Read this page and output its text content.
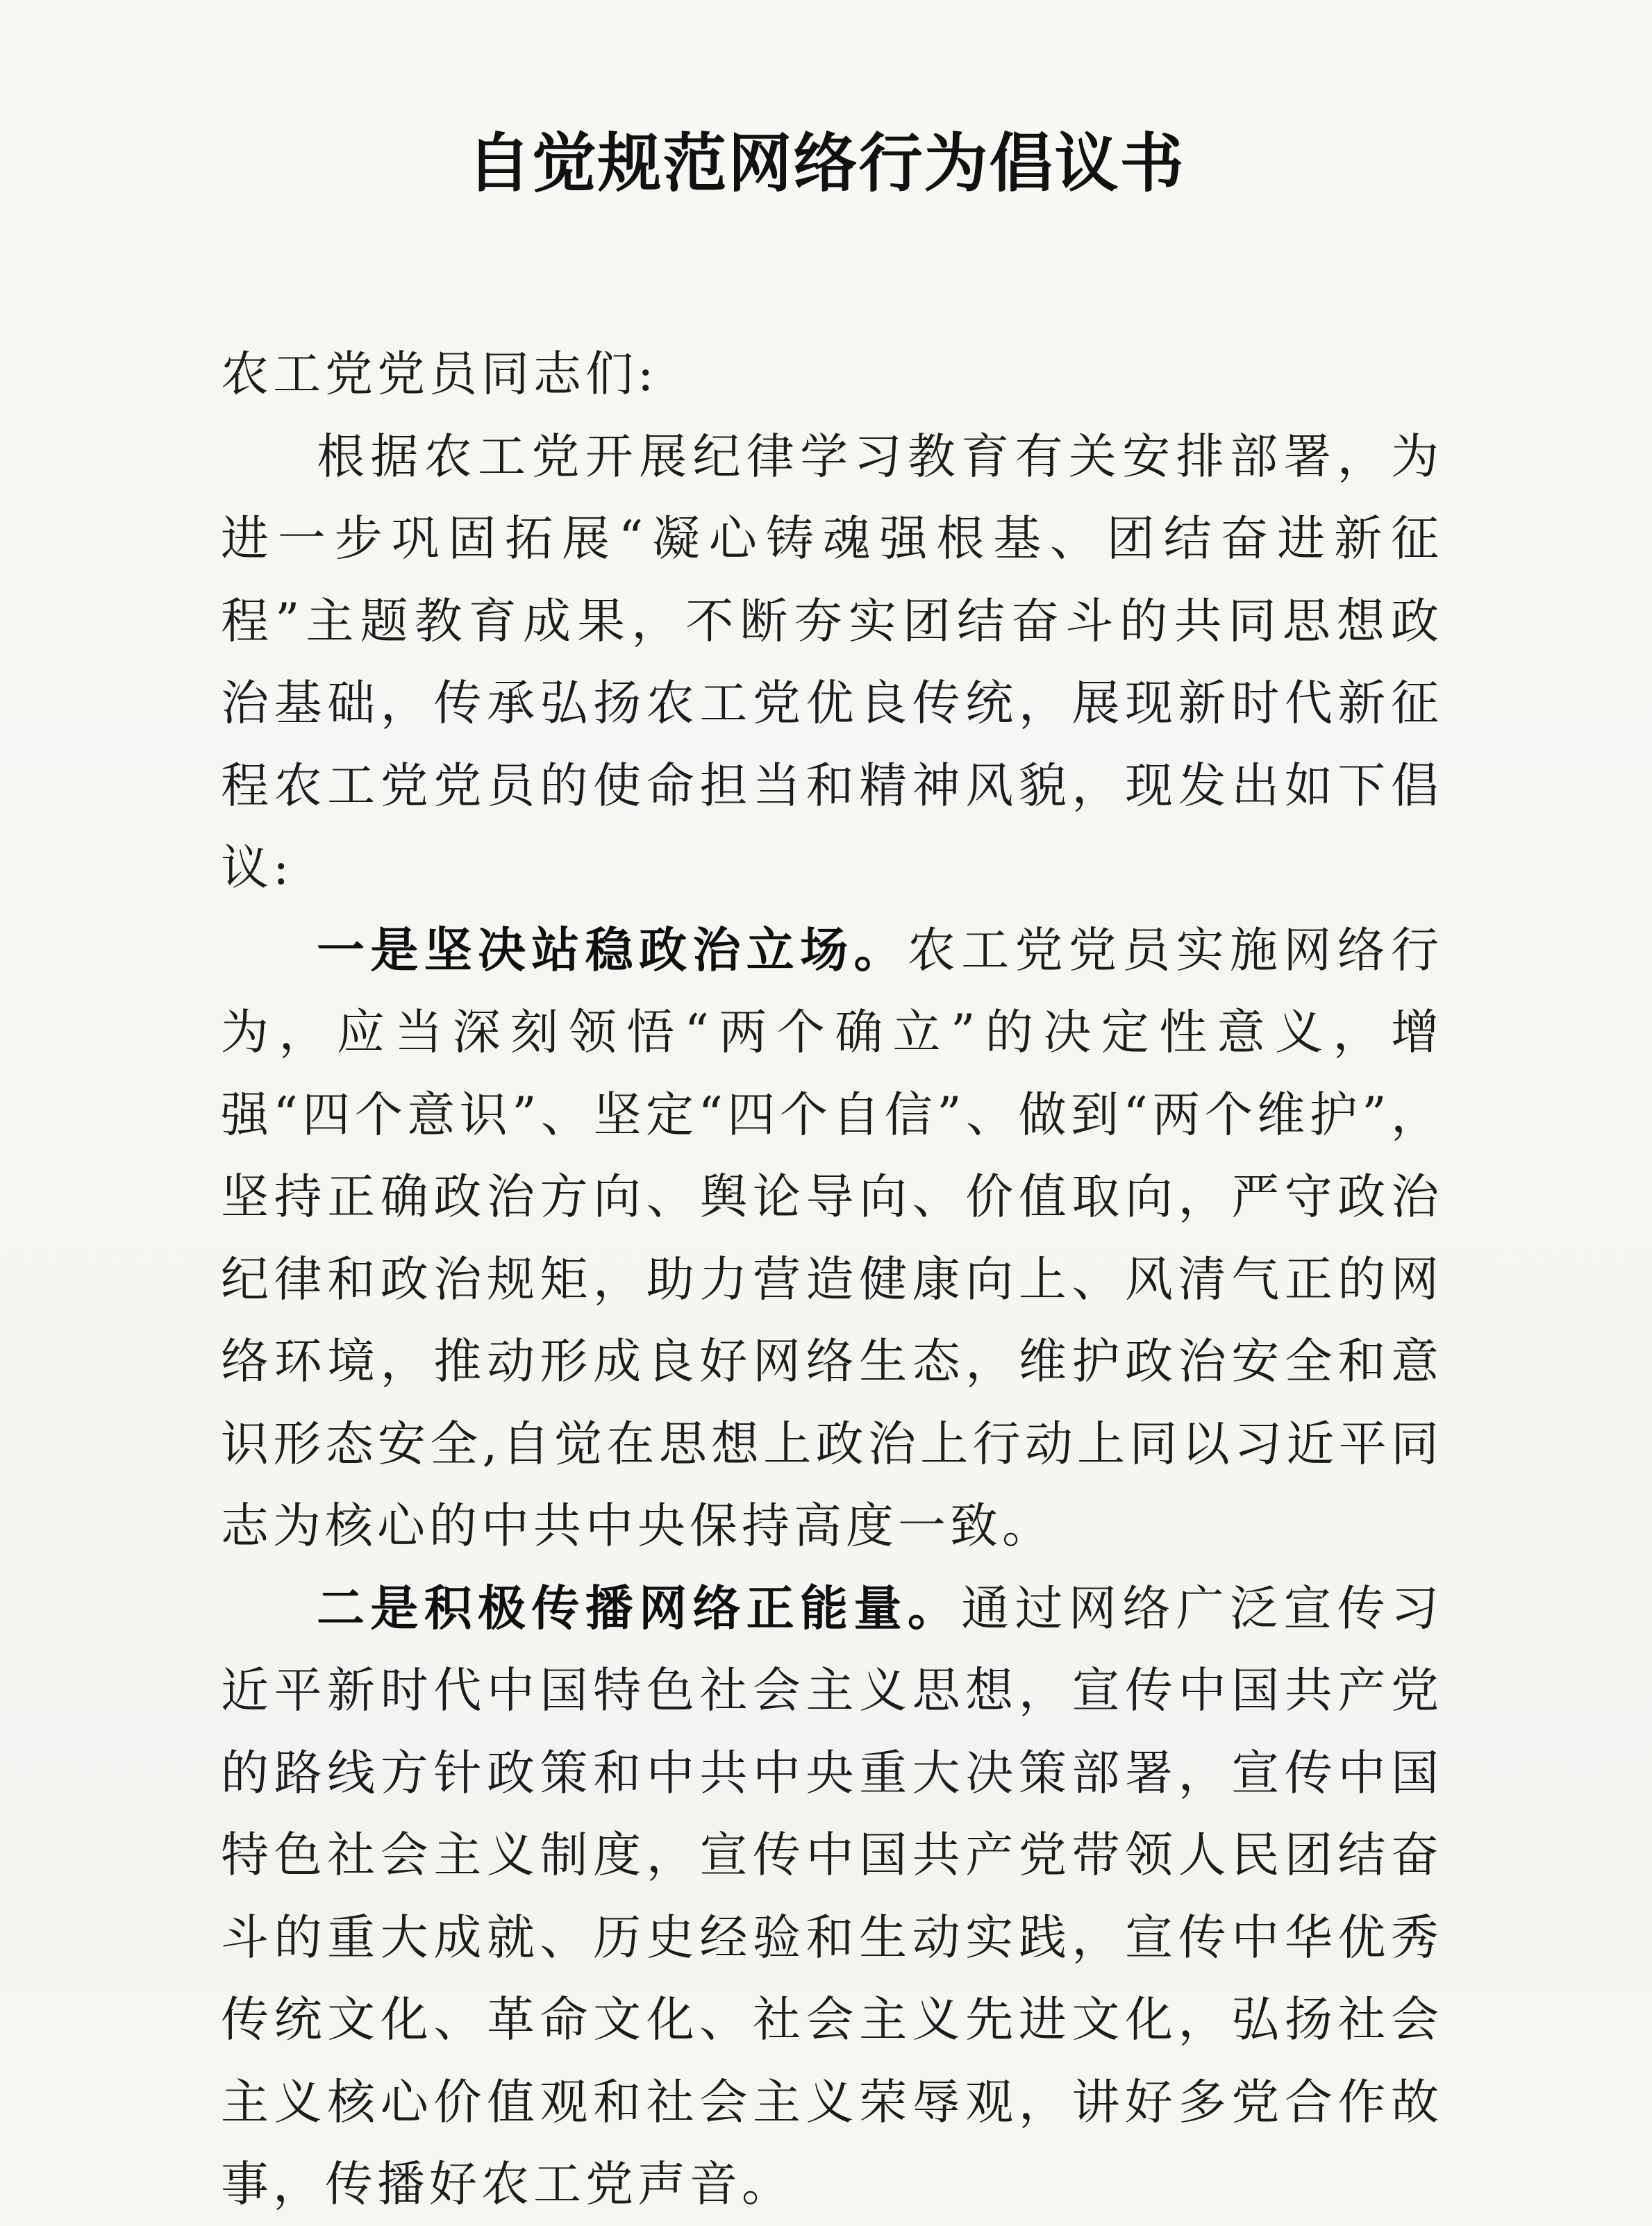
自觉规范网络行为倡议书

农工党党员同志们:

根据农工党开展纪律学习教育有关安排部署，为进一步巩固拓展“凝心铸魂强根基、团结奋进新征程”主题教育成果，不断夯实团结奋斗的共同思想政治基础，传承弘扬农工党优良传统，展现新时代新征程农工党党员的使命担当和精神风貌，现发出如下倡议:

一是坚决站稳政治立场。农工党党员实施网络行为，应当深刻领悟“两个确立”的决定性意义，增强“四个意识”、坚定“四个自信”、做到“两个维护”，坚持正确政治方向、舆论导向、价值取向，严守政治纪律和政治规矩，助力营造健康向上、风清气正的网络环境，推动形成良好网络生态，维护政治安全和意识形态安全,自觉在思想上政治上行动上同以习近平同志为核心的中共中央保持高度一致。

二是积极传播网络正能量。通过网络广泛宣传习近平新时代中国特色社会主义思想，宣传中国共产党的路线方针政策和中共中央重大决策部署，宣传中国特色社会主义制度，宣传中国共产党带领人民团结奋斗的重大成就、历史经验和生动实践，宣传中华优秀传统文化、革命文化、社会主义先进文化，弘扬社会主义核心价值观和社会主义荣辱观，讲好多党合作故事，传播好农工党声音。
